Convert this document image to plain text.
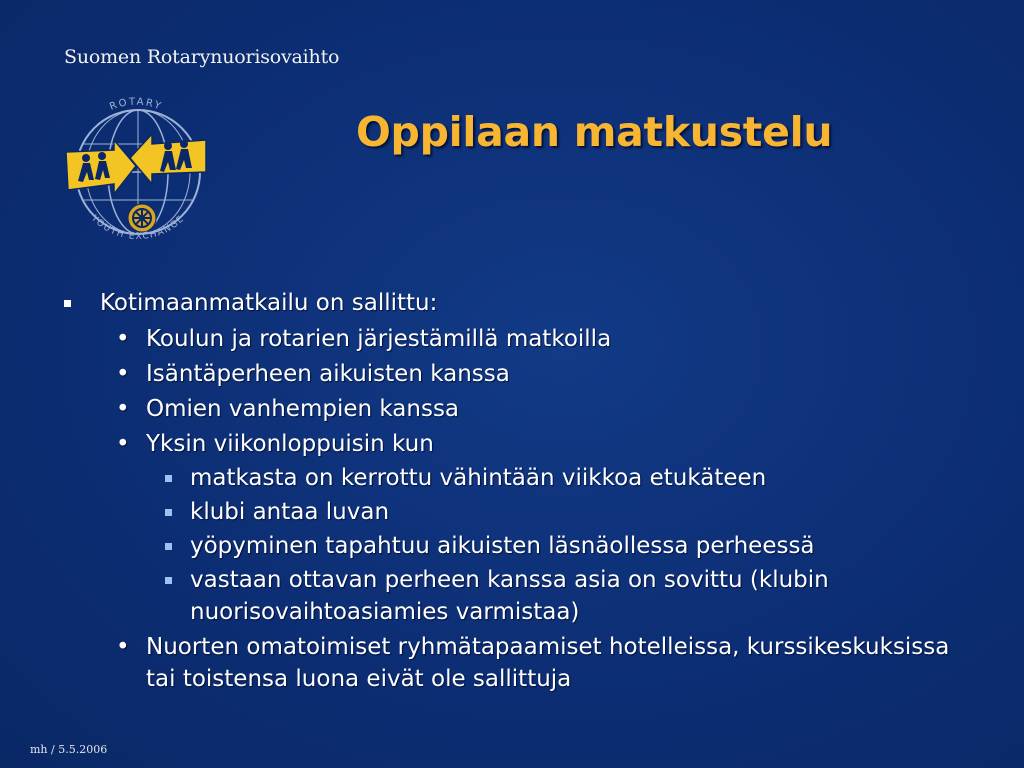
Suomen Rotarynuorisovaihto
ROTARY
YOUTH EXCHANGE
Oppilaan matkustelu
Kotimaanmatkailu on sallittu:
• Koulun ja rotarien järjestämillä matkoilla
• Isäntäperheen aikuisten kanssa
• Omien vanhempien kanssa
• Yksin viikonloppuisin kun
matkasta on kerrottu vähintään viikkoa etukäteen
klubi antaa luvan
yöpyminen tapahtuu aikuisten läsnäollessa perheessä
vastaan ottavan perheen kanssa asia on sovittu (klubin nuorisovaihtoasiamies varmistaa)
• Nuorten omatoimiset ryhmätapaamiset hotelleissa, kurssikeskuksissa tai toistensa luona eivät ole sallittuja
mh / 5.5.2006
